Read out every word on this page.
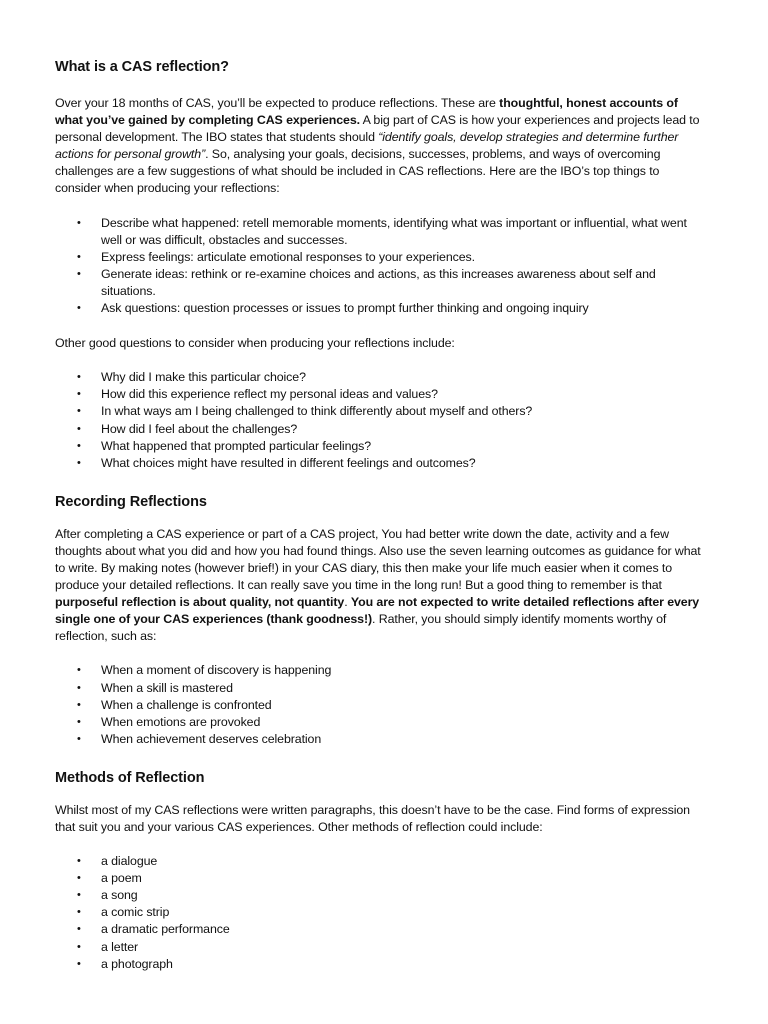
What is a CAS reflection?

Over your 18 months of CAS, you’ll be expected to produce reflections. These are thoughtful, honest accounts of what you’ve gained by completing CAS experiences. A big part of CAS is how your experiences and projects lead to personal development. The IBO states that students should “identify goals, develop strategies and determine further actions for personal growth”. So, analysing your goals, decisions, successes, problems, and ways of overcoming challenges are a few suggestions of what should be included in CAS reflections. Here are the IBO’s top things to consider when producing your reflections:

• Describe what happened: retell memorable moments, identifying what was important or influential, what went well or was difficult, obstacles and successes.
• Express feelings: articulate emotional responses to your experiences.
• Generate ideas: rethink or re-examine choices and actions, as this increases awareness about self and situations.
• Ask questions: question processes or issues to prompt further thinking and ongoing inquiry

Other good questions to consider when producing your reflections include:

• Why did I make this particular choice?
• How did this experience reflect my personal ideas and values?
• In what ways am I being challenged to think differently about myself and others?
• How did I feel about the challenges?
• What happened that prompted particular feelings?
• What choices might have resulted in different feelings and outcomes?
Recording Reflections

After completing a CAS experience or part of a CAS project, You had better write down the date, activity and a few thoughts about what you did and how you had found things. Also use the seven learning outcomes as guidance for what to write. By making notes (however brief!) in your CAS diary, this then make your life much easier when it comes to produce your detailed reflections. It can really save you time in the long run! But a good thing to remember is that purposeful reflection is about quality, not quantity. You are not expected to write detailed reflections after every single one of your CAS experiences (thank goodness!). Rather, you should simply identify moments worthy of reflection, such as:

• When a moment of discovery is happening
• When a skill is mastered
• When a challenge is confronted
• When emotions are provoked
• When achievement deserves celebration
Methods of Reflection

Whilst most of my CAS reflections were written paragraphs, this doesn’t have to be the case. Find forms of expression that suit you and your various CAS experiences. Other methods of reflection could include:

• a dialogue
• a poem
• a song
• a comic strip
• a dramatic performance
• a letter
• a photograph
